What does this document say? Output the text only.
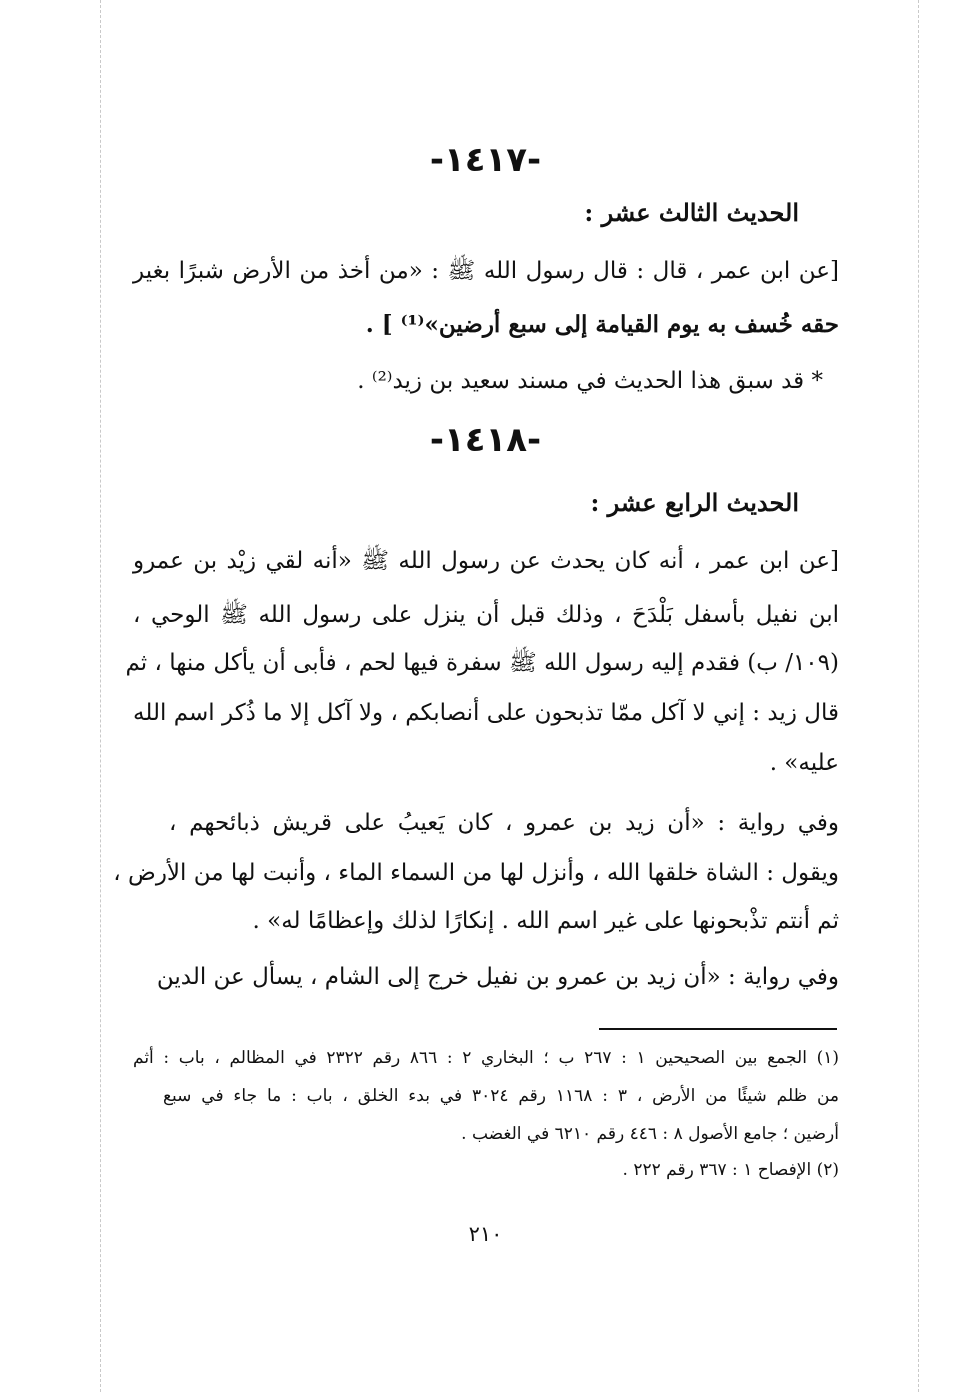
-١٤١٧-
الحديث الثالث عشر :
[عن ابن عمر ، قال : قال رسول الله ﷺ : «من أخذ من الأرض شبرًا بغير
حقه خُسف به يوم القيامة إلى سبع أرضين»⁽¹⁾ ] .
* قد سبق هذا الحديث في مسند سعيد بن زيد⁽²⁾ .
-١٤١٨-
الحديث الرابع عشر :
[عن ابن عمر ، أنه كان يحدث عن رسول الله ﷺ «أنه لقي زيْد بن عمرو
ابن نفيل بأسفل بَلْدَحَ ، وذلك قبل أن ينزل على رسول الله ﷺ الوحي ،
(١٠٩/ ب) فقدم إليه رسول الله ﷺ سفرة فيها لحم ، فأبى أن يأكل منها ، ثم
قال زيد : إني لا آكل ممّا تذبحون على أنصابكم ، ولا آكل إلا ما ذُكر اسم الله
عليه» .
وفي رواية : «أن زيد بن عمرو ، كان يَعيبُ على قريش ذبائحهم ،
ويقول : الشاة خلقها الله ، وأنزل لها من السماء الماء ، وأنبت لها من الأرض ،
ثم أنتم تذْبحونها على غير اسم الله . إنكارًا لذلك وإعظامًا له» .
وفي رواية : «أن زيد بن عمرو بن نفيل خرج إلى الشام ، يسأل عن الدين
(١) الجمع بين الصحيحين ١ : ٢٦٧ ب ؛ البخاري ٢ : ٨٦٦ رقم ٢٣٢٢ في المظالم ، باب : أثم
من ظلم شيئًا من الأرض ، ٣ : ١١٦٨ رقم ٣٠٢٤ في بدء الخلق ، باب : ما جاء في سبع
أرضين ؛ جامع الأصول ٨ : ٤٤٦ رقم ٦٢١٠ في الغضب .
(٢) الإفصاح ١ : ٣٦٧ رقم ٢٢٢ .
٢١٠
